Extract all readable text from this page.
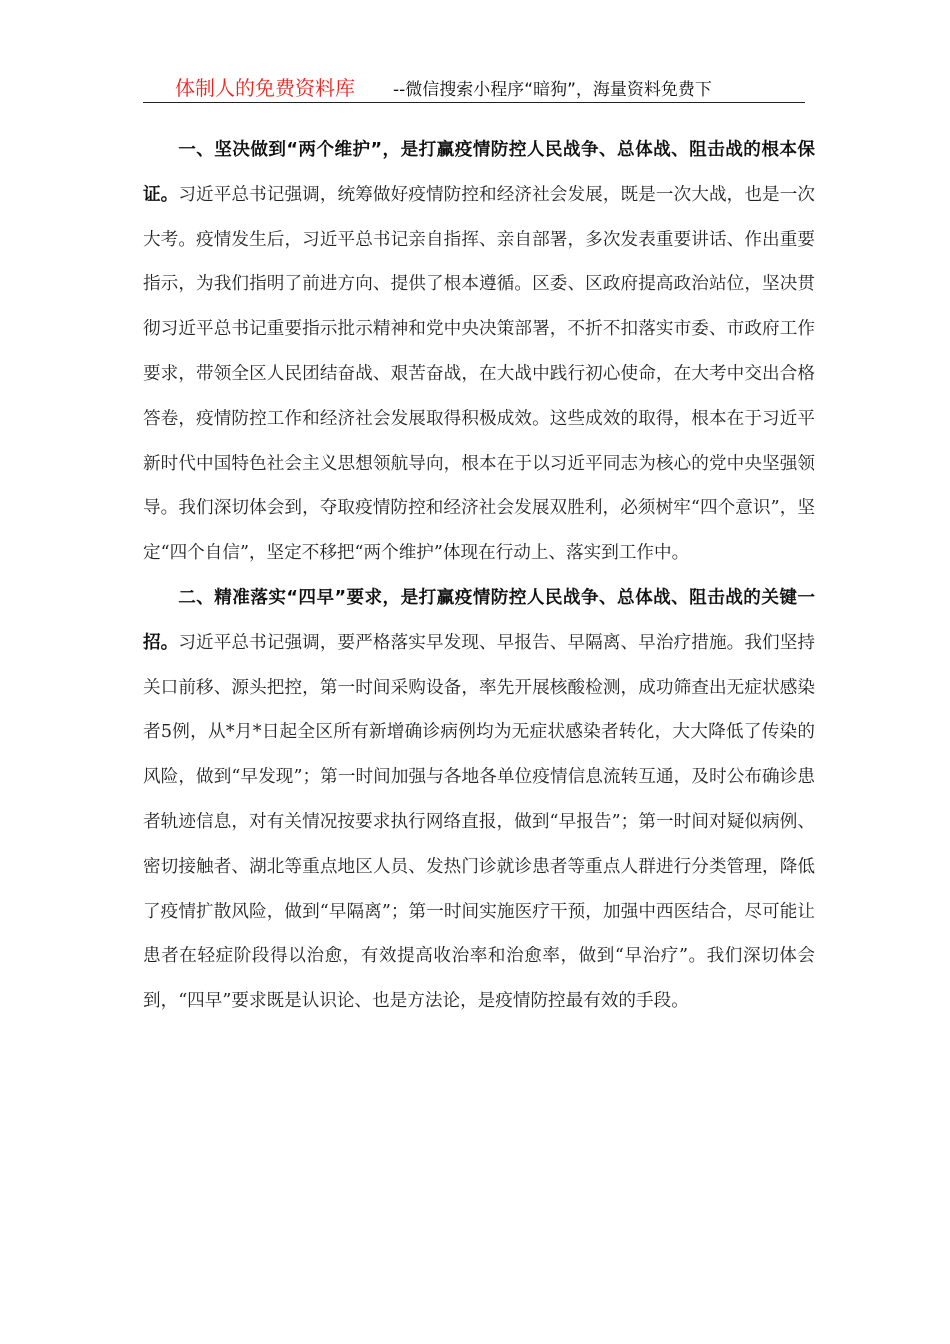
体制人的免费资料库 --微信搜索小程序“暗狗”，海量资料免费下

一、坚决做到“两个维护”，是打赢疫情防控人民战争、总体战、阻击战的根本保证。习近平总书记强调，统筹做好疫情防控和经济社会发展，既是一次大战，也是一次大考。疫情发生后，习近平总书记亲自指挥、亲自部署，多次发表重要讲话、作出重要指示，为我们指明了前进方向、提供了根本遵循。区委、区政府提高政治站位，坚决贯彻习近平总书记重要指示批示精神和党中央决策部署，不折不扣落实市委、市政府工作要求，带领全区人民团结奋战、艰苦奋战，在大战中践行初心使命，在大考中交出合格答卷，疫情防控工作和经济社会发展取得积极成效。这些成效的取得，根本在于习近平新时代中国特色社会主义思想领航导向，根本在于以习近平同志为核心的党中央坚强领导。我们深切体会到，夺取疫情防控和经济社会发展双胜利，必须树牢“四个意识”，坚定“四个自信”，坚定不移把“两个维护”体现在行动上、落实到工作中。

二、精准落实“四早”要求，是打赢疫情防控人民战争、总体战、阻击战的关键一招。习近平总书记强调，要严格落实早发现、早报告、早隔离、早治疗措施。我们坚持关口前移、源头把控，第一时间采购设备，率先开展核酸检测，成功筛查出无症状感染者5例，从*月*日起全区所有新增确诊病例均为无症状感染者转化，大大降低了传染的风险，做到“早发现”；第一时间加强与各地各单位疫情信息流转互通，及时公布确诊患者轨迹信息，对有关情况按要求执行网络直报，做到“早报告”；第一时间对疑似病例、密切接触者、湖北等重点地区人员、发热门诊就诊患者等重点人群进行分类管理，降低了疫情扩散风险，做到“早隔离”；第一时间实施医疗干预，加强中西医结合，尽可能让患者在轻症阶段得以治愈，有效提高收治率和治愈率，做到“早治疗”。我们深切体会到，“四早”要求既是认识论、也是方法论，是疫情防控最有效的手段。
